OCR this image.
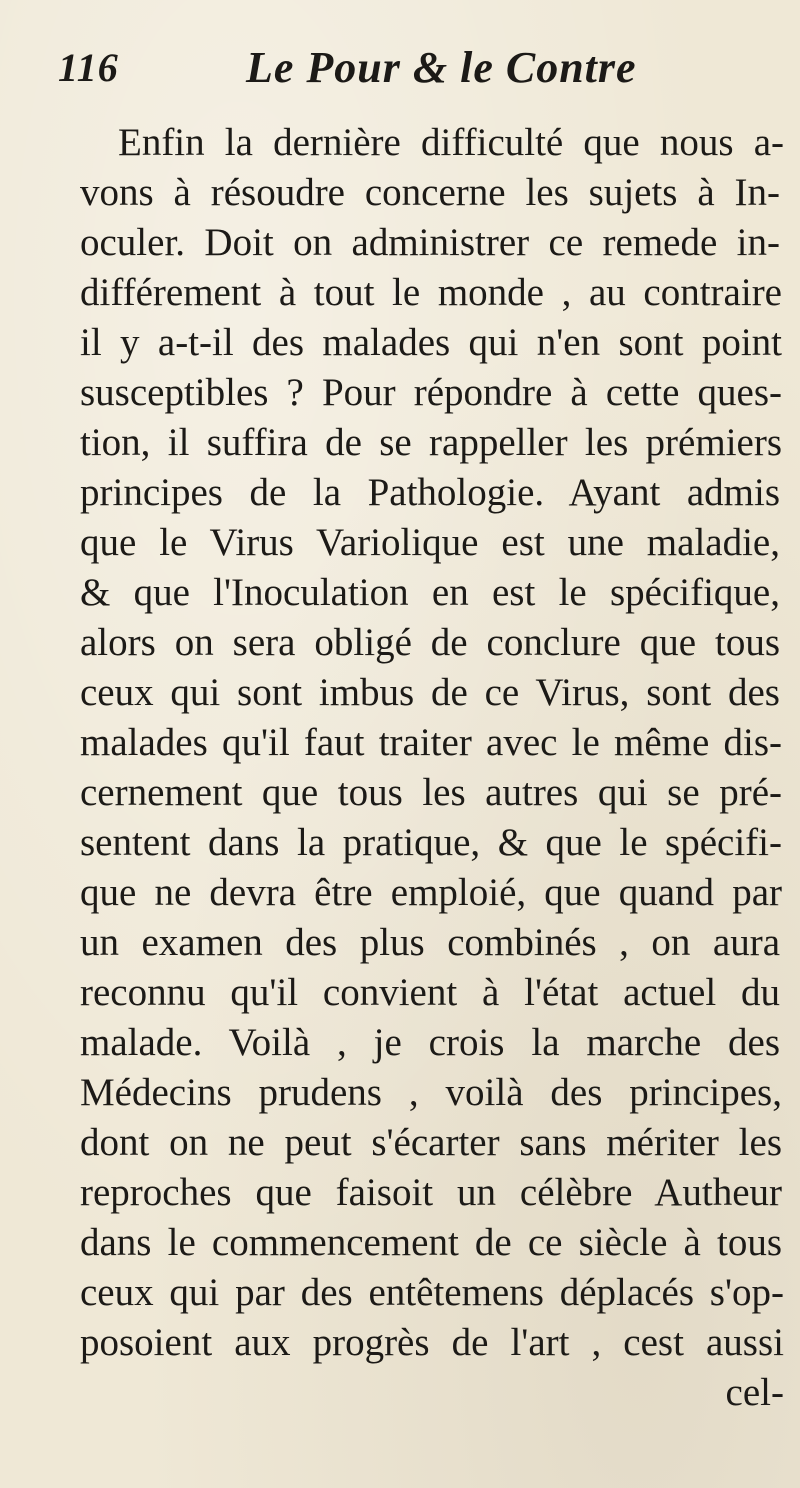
116	Le Pour & le Contre
Enfin la dernière difficulté que nous a-
vons à résoudre concerne les sujets à In-
oculer. Doit on administrer ce remede in-
différement à tout le monde , au contraire
il y a-t-il des malades qui n'en sont point
susceptibles ? Pour répondre à cette ques-
tion, il suffira de se rappeller les prémiers
principes de la Pathologie. Ayant admis
que le Virus Variolique est une maladie,
& que l'Inoculation en est le spécifique,
alors on sera obligé de conclure que tous
ceux qui sont imbus de ce Virus, sont des
malades qu'il faut traiter avec le même dis-
cernement que tous les autres qui se pré-
sentent dans la pratique, & que le spécifi-
que ne devra être emploié, que quand par
un examen des plus combinés , on aura
reconnu qu'il convient à l'état actuel du
malade. Voilà , je crois la marche des
Médecins prudens , voilà des principes,
dont on ne peut s'écarter sans mériter les
reproches que faisoit un célèbre Autheur
dans le commencement de ce siècle à tous
ceux qui par des entêtemens déplacés s'op-
posoient aux progrès de l'art , cest aussi
cel-
